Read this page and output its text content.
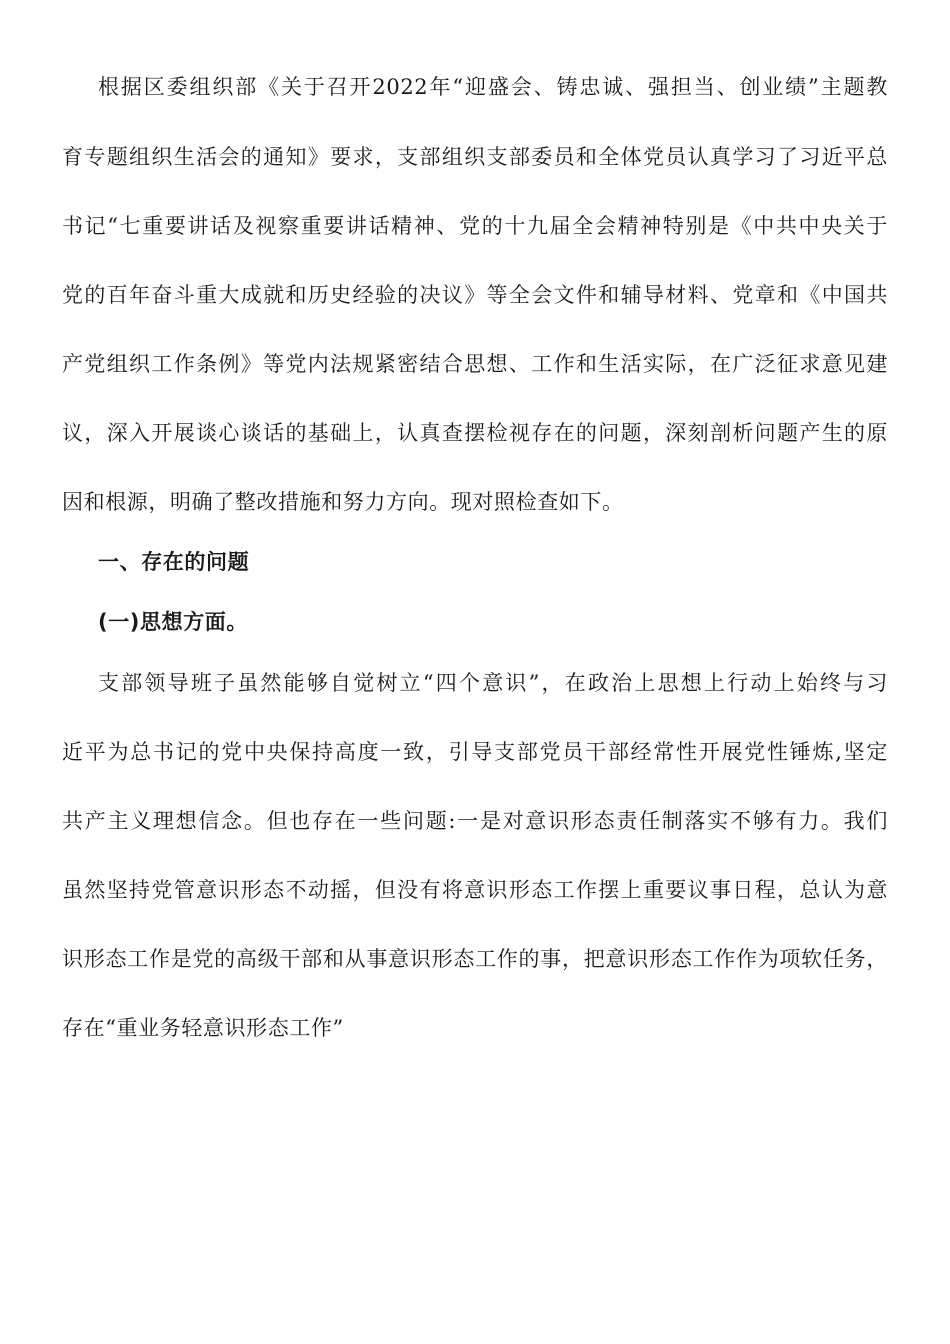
根据区委组织部《关于召开2022年“迎盛会、铸忠诚、强担当、创业绩”主题教
育专题组织生活会的通知》要求，支部组织支部委员和全体党员认真学习了习近平总
书记“七重要讲话及视察重要讲话精神、党的十九届全会精神特别是《中共中央关于
党的百年奋斗重大成就和历史经验的决议》等全会文件和辅导材料、党章和《中国共
产党组织工作条例》等党内法规紧密结合思想、工作和生活实际，在广泛征求意见建
议，深入开展谈心谈话的基础上，认真查摆检视存在的问题，深刻剖析问题产生的原
因和根源，明确了整改措施和努力方向。现对照检查如下。
一、存在的问题
(一)思想方面。
支部领导班子虽然能够自觉树立“四个意识”，在政治上思想上行动上始终与习
近平为总书记的党中央保持高度一致，引导支部党员干部经常性开展党性锤炼,坚定
共产主义理想信念。但也存在一些问题:一是对意识形态责任制落实不够有力。我们
虽然坚持党管意识形态不动摇，但没有将意识形态工作摆上重要议事日程，总认为意
识形态工作是党的高级干部和从事意识形态工作的事，把意识形态工作作为项软任务，
存在“重业务轻意识形态工作”
